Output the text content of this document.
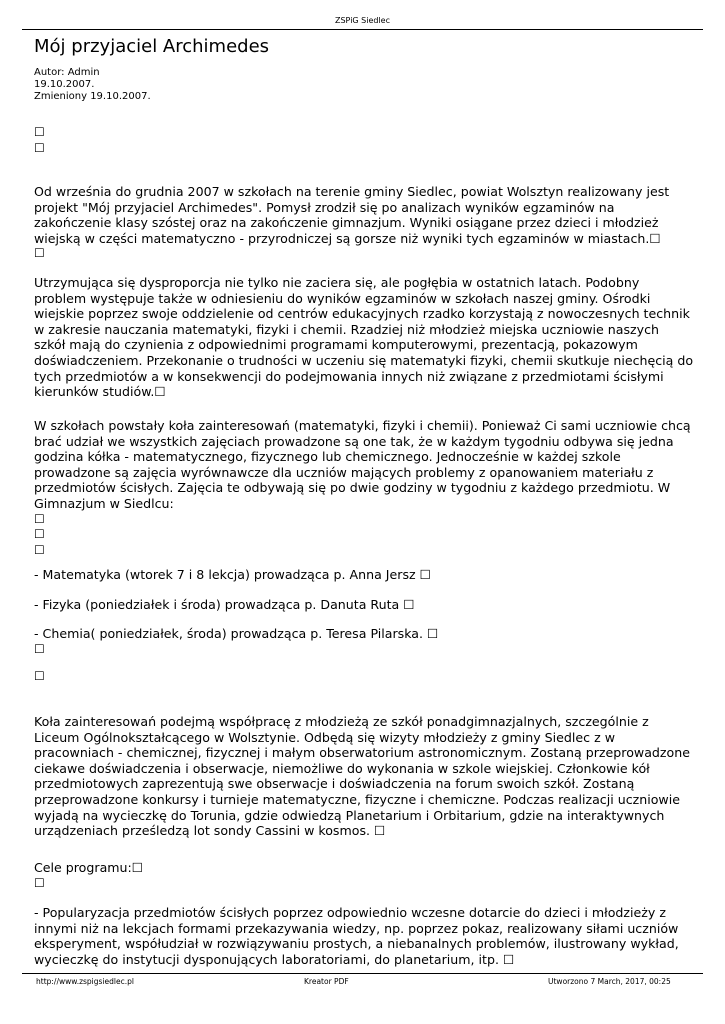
ZSPiG Siedlec
Mój przyjaciel Archimedes
Autor: Admin
19.10.2007.
Zmieniony 19.10.2007.
☐
☐

Od września do grudnia 2007 w szkołach na terenie gminy Siedlec, powiat Wolsztyn realizowany jest projekt "Mój przyjaciel Archimedes". Pomysł zrodził się po analizach wyników egzaminów na zakończenie klasy szóstej oraz na zakończenie gimnazjum. Wyniki osiągane przez dzieci i młodzież wiejską w części matematyczno - przyrodniczej są gorsze niż wyniki tych egzaminów w miastach.☐

☐

Utrzymująca się dysproporcja nie tylko nie zaciera się, ale pogłębia w ostatnich latach. Podobny problem występuje także w odniesieniu do wyników egzaminów w szkołach naszej gminy. Ośrodki wiejskie poprzez swoje oddzielenie od centrów edukacyjnych rzadko korzystają z nowoczesnych technik w zakresie nauczania matematyki, fizyki i chemii. Rzadziej niż młodzież miejska uczniowie naszych szkół mają do czynienia z odpowiednimi programami komputerowymi, prezentacją, pokazowym doświadczeniem. Przekonanie o trudności w uczeniu się matematyki fizyki, chemii skutkuje niechęcią do tych przedmiotów a w konsekwencji do podejmowania innych niż związane z przedmiotami ścisłymi kierunków studiów.☐

W szkołach powstały koła zainteresowań (matematyki, fizyki i chemii). Ponieważ Ci sami uczniowie chcą brać udział we wszystkich zajęciach prowadzone są one tak, że w każdym tygodniu odbywa się jedna godzina kółka - matematycznego, fizycznego lub chemicznego. Jednocześnie w każdej szkole prowadzone są zajęcia wyrównawcze dla uczniów mających problemy z opanowaniem materiału z przedmiotów ścisłych. Zajęcia te odbywają się po dwie godziny w tygodniu z każdego przedmiotu. W Gimnazjum w Siedlcu:

☐
☐
☐

- Matematyka (wtorek 7 i 8 lekcja) prowadząca p. Anna Jersz ☐

- Fizyka (poniedziałek i środa) prowadząca p. Danuta Ruta ☐

- Chemia( poniedziałek, środa) prowadząca p. Teresa Pilarska. ☐

☐
☐

Koła zainteresowań podejmą współpracę z młodzieżą ze szkół ponadgimnazjalnych, szczególnie z Liceum Ogólnokształcącego w Wolsztynie. Odbędą się wizyty młodzieży z gminy Siedlec z w pracowniach - chemicznej, fizycznej i małym obserwatorium astronomicznym. Zostaną przeprowadzone ciekawe doświadczenia i obserwacje, niemożliwe do wykonania w szkole wiejskiej. Członkowie kół przedmiotowych zaprezentują swe obserwacje i doświadczenia na forum swoich szkół. Zostaną przeprowadzone konkursy i turnieje matematyczne, fizyczne i chemiczne. Podczas realizacji uczniowie wyjadą na wycieczkę do Torunia, gdzie odwiedzą Planetarium i Orbitarium, gdzie na interaktywnych urządzeniach prześledzą lot sondy Cassini w kosmos. ☐

Cele programu:☐

☐

- Popularyzacja przedmiotów ścisłych poprzez odpowiednio wczesne dotarcie do dzieci i młodzieży z innymi niż na lekcjach formami przekazywania wiedzy, np. poprzez pokaz, realizowany siłami uczniów eksperyment, współudział w rozwiązywaniu prostych, a niebanalnych problemów, ilustrowany wykład, wycieczkę do instytucji dysponujących laboratoriami, do planetarium, itp. ☐

http://www.zspigsiedlec.pl	Kreator PDF	Utworzono 7 March, 2017, 00:25
